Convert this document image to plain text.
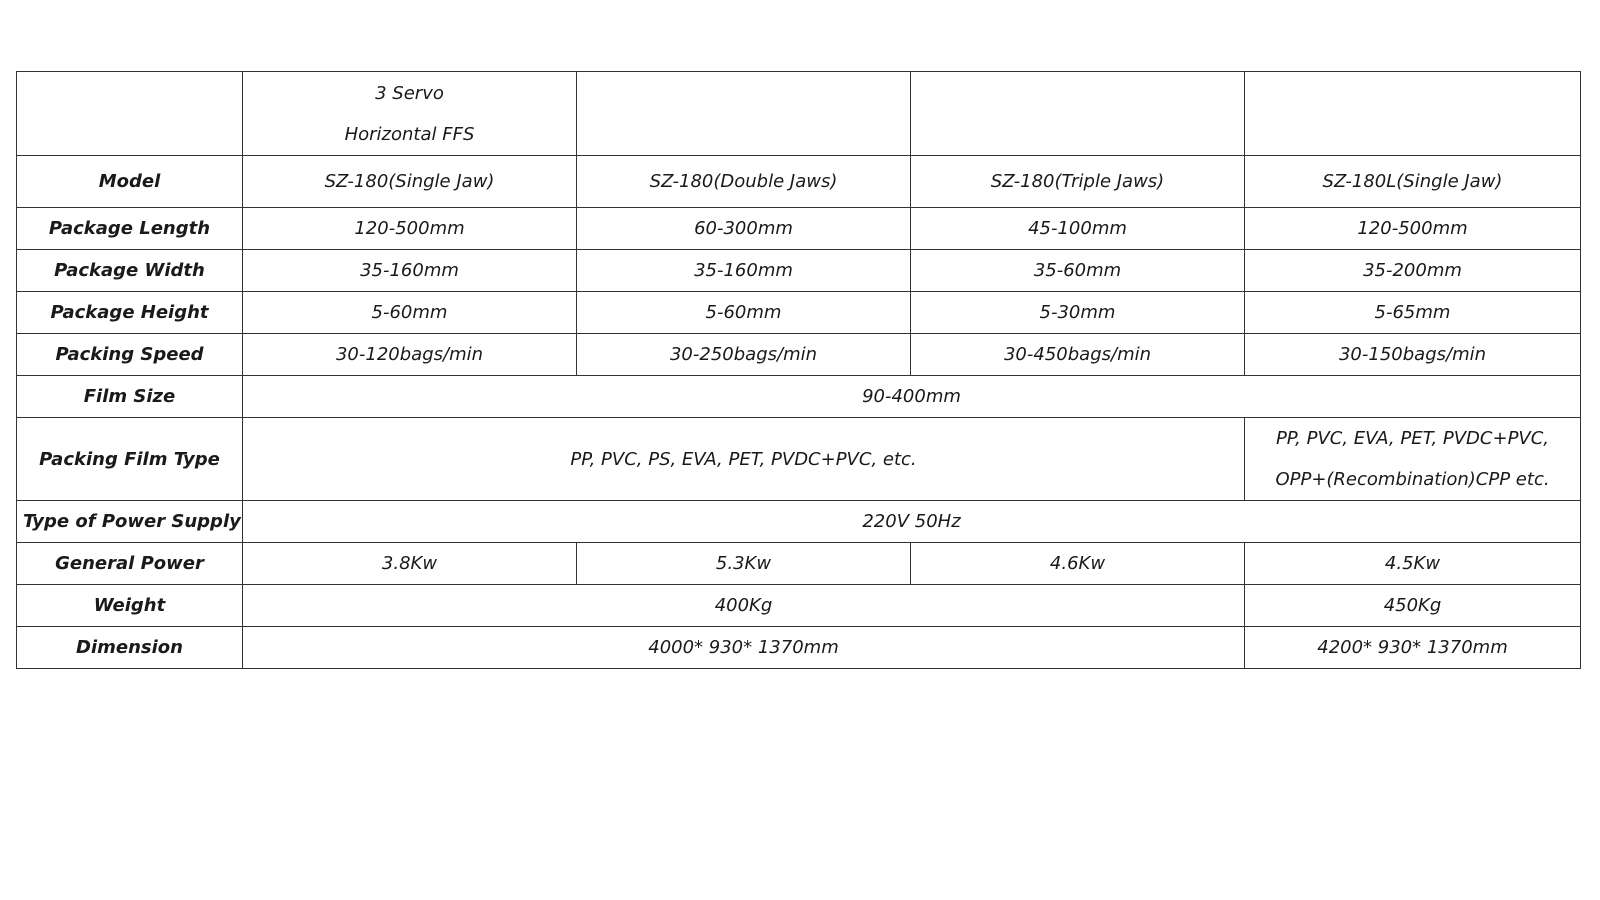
	3 Servo
Horizontal FFS			

Model	SZ-180(Single Jaw)	SZ-180(Double Jaws)	SZ-180(Triple Jaws)	SZ-180L(Single Jaw)
Package Length	120-500mm	60-300mm	45-100mm	120-500mm
Package Width	35-160mm	35-160mm	35-60mm	35-200mm
Package Height	5-60mm	5-60mm	5-30mm	5-65mm
Packing Speed	30-120bags/min	30-250bags/min	30-450bags/min	30-150bags/min
Film Size	90-400mm			
Packing Film Type	PP, PVC, PS, EVA, PET, PVDC+PVC, etc.			PP, PVC, EVA, PET, PVDC+PVC,
OPP+(Recombination)CPP etc.

Type of Power Supply	220V 50Hz			
General Power	3.8Kw	5.3Kw	4.6Kw	4.5Kw
Weight	400Kg			450Kg
Dimension	4000* 930* 1370mm			4200* 930* 1370mm
